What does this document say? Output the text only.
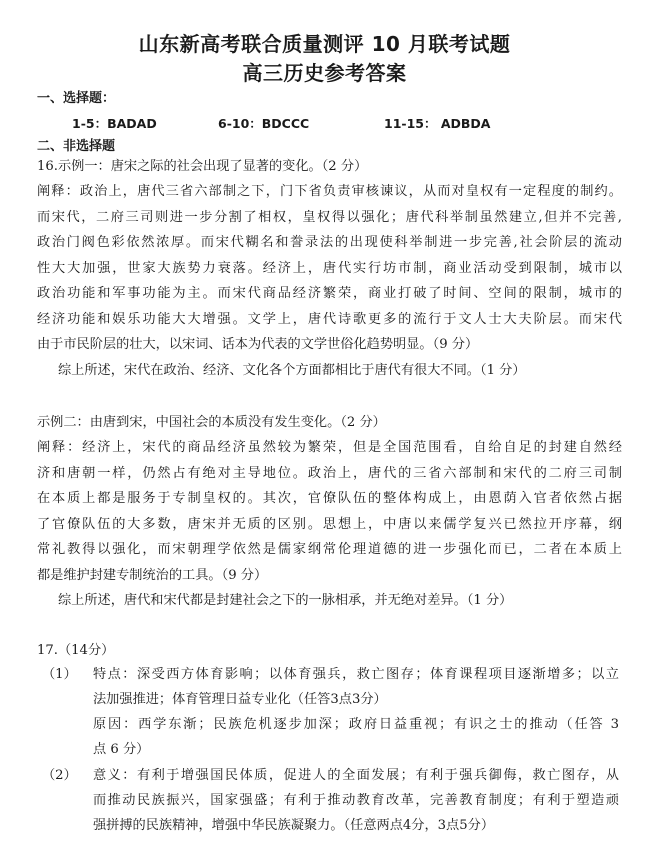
山东新高考联合质量测评 10 月联考试题
高三历史参考答案
一、选择题：
1-5：BADAD	6-10：BDCCC	11-15： ADBDA
二、非选择题
16.示例一：唐宋之际的社会出现了显著的变化。（2 分）
阐释：政治上，唐代三省六部制之下，门下省负责审核谏议，从而对皇权有一定程度的制约。
而宋代，二府三司则进一步分割了相权，皇权得以强化；唐代科举制虽然建立,但并不完善,
政治门阀色彩依然浓厚。而宋代糊名和誊录法的出现使科举制进一步完善,社会阶层的流动
性大大加强，世家大族势力衰落。经济上，唐代实行坊市制，商业活动受到限制，城市以
政治功能和军事功能为主。而宋代商品经济繁荣，商业打破了时间、空间的限制，城市的
经济功能和娱乐功能大大增强。文学上，唐代诗歌更多的流行于文人士大夫阶层。而宋代
由于市民阶层的壮大，以宋词、话本为代表的文学世俗化趋势明显。（9 分）
综上所述，宋代在政治、经济、文化各个方面都相比于唐代有很大不同。（1 分）
示例二：由唐到宋，中国社会的本质没有发生变化。（2 分）
阐释：经济上，宋代的商品经济虽然较为繁荣，但是全国范围看，自给自足的封建自然经
济和唐朝一样，仍然占有绝对主导地位。政治上，唐代的三省六部制和宋代的二府三司制
在本质上都是服务于专制皇权的。其次，官僚队伍的整体构成上，由恩荫入官者依然占据
了官僚队伍的大多数，唐宋并无质的区别。思想上，中唐以来儒学复兴已然拉开序幕，纲
常礼教得以强化，而宋朝理学依然是儒家纲常伦理道德的进一步强化而已，二者在本质上
都是维护封建专制统治的工具。（9 分）
综上所述，唐代和宋代都是封建社会之下的一脉相承，并无绝对差异。（1 分）
17.（14分）
（1）	特点：深受西方体育影响；以体育强兵，救亡图存；体育课程项目逐渐增多；以立
法加强推进；体育管理日益专业化（任答3点3分）
原因：西学东渐；民族危机逐步加深；政府日益重视；有识之士的推动（任答 3
点 6 分）
（2）	意义：有利于增强国民体质，促进人的全面发展；有利于强兵御侮，救亡图存，从
而推动民族振兴，国家强盛；有利于推动教育改革，完善教育制度；有利于塑造顽
强拼搏的民族精神，增强中华民族凝聚力。（任意两点4分，3点5分）
